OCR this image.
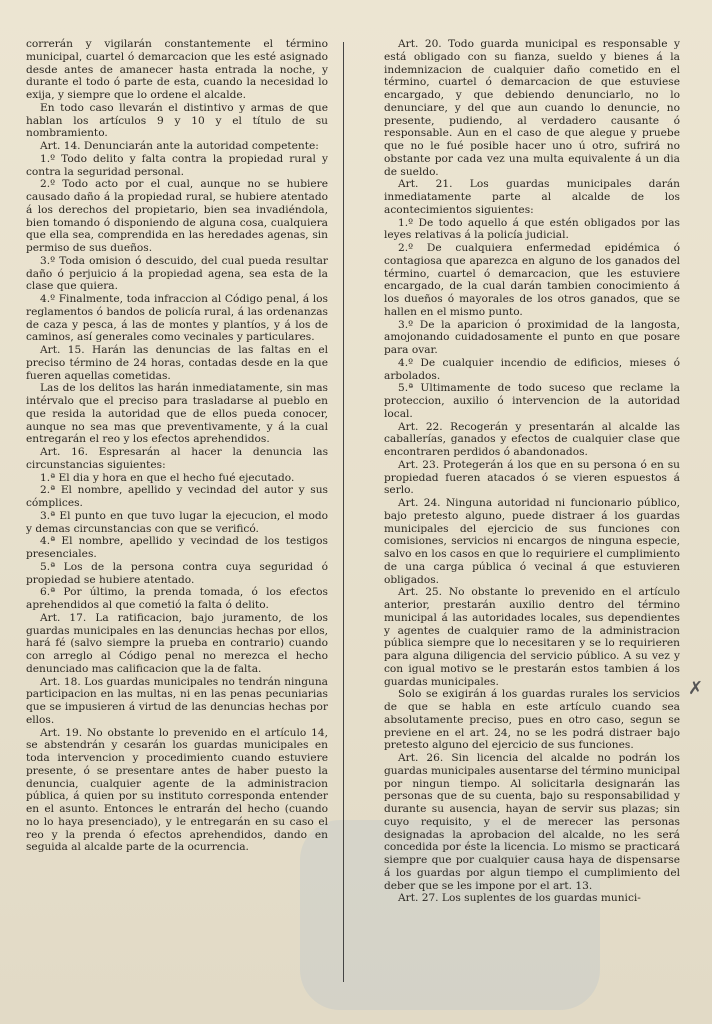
correrán y vigilarán constantemente el término municipal, cuartel ó demarcacion que les esté asignado desde antes de amanecer hasta entrada la noche, y durante el todo ó parte de esta, cuando la necesidad lo exija, y siempre que lo ordene el alcalde.

En todo caso llevarán el distintivo y armas de que hablan los artículos 9 y 10 y el título de su nombramiento.

Art. 14. Denunciarán ante la autoridad competente:

1.º Todo delito y falta contra la propiedad rural y contra la seguridad personal.

2.º Todo acto por el cual, aunque no se hubiere causado daño á la propiedad rural, se hubiere atentado á los derechos del propietario, bien sea invadiéndola, bien tomando ó disponiendo de alguna cosa, cualquiera que ella sea, comprendida en las heredades agenas, sin permiso de sus dueños.

3.º Toda omision ó descuido, del cual pueda resultar daño ó perjuicio á la propiedad agena, sea esta de la clase que quiera.

4.º Finalmente, toda infraccion al Código penal, á los reglamentos ó bandos de policía rural, á las ordenanzas de caza y pesca, á las de montes y plantíos, y á los de caminos, así generales como vecinales y particulares.

Art. 15. Harán las denuncias de las faltas en el preciso término de 24 horas, contadas desde en la que fueren aquellas cometidas.

Las de los delitos las harán inmediatamente, sin mas intérvalo que el preciso para trasladarse al pueblo en que resida la autoridad que de ellos pueda conocer, aunque no sea mas que preventivamente, y á la cual entregarán el reo y los efectos aprehendidos.

Art. 16. Espresarán al hacer la denuncia las circunstancias siguientes:

1.ª El dia y hora en que el hecho fué ejecutado.

2.ª El nombre, apellido y vecindad del autor y sus cómplices.

3.ª El punto en que tuvo lugar la ejecucion, el modo y demas circunstancias con que se verificó.

4.ª El nombre, apellido y vecindad de los testigos presenciales.

5.ª Los de la persona contra cuya seguridad ó propiedad se hubiere atentado.

6.ª Por último, la prenda tomada, ó los efectos aprehendidos al que cometió la falta ó delito.

Art. 17. La ratificacion, bajo juramento, de los guardas municipales en las denuncias hechas por ellos, hará fé (salvo siempre la prueba en contrario) cuando con arreglo al Código penal no merezca el hecho denunciado mas calificacion que la de falta.

Art. 18. Los guardas municipales no tendrán ninguna participacion en las multas, ni en las penas pecuniarias que se impusieren á virtud de las denuncias hechas por ellos.

Art. 19. No obstante lo prevenido en el artículo 14, se abstendrán y cesarán los guardas municipales en toda intervencion y procedimiento cuando estuviere presente, ó se presentare antes de haber puesto la denuncia, cualquier agente de la administracion pública, á quien por su instituto corresponda entender en el asunto. Entonces le entrarán del hecho (cuando no lo haya presenciado), y le entregarán en su caso el reo y la prenda ó efectos aprehendidos, dando en seguida al alcalde parte de la ocurrencia.

Art. 20. Todo guarda municipal es responsable y está obligado con su fianza, sueldo y bienes á la indemnizacion de cualquier daño cometido en el término, cuartel ó demarcacion de que estuviese encargado, y que debiendo denunciarlo, no lo denunciare, y del que aun cuando lo denuncie, no presente, pudiendo, al verdadero causante ó responsable. Aun en el caso de que alegue y pruebe que no le fué posible hacer uno ú otro, sufrirá no obstante por cada vez una multa equivalente á un dia de sueldo.

Art. 21. Los guardas municipales darán inmediatamente parte al alcalde de los acontecimientos siguientes:

1.º De todo aquello á que estén obligados por las leyes relativas á la policía judicial.

2.º De cualquiera enfermedad epidémica ó contagiosa que aparezca en alguno de los ganados del término, cuartel ó demarcacion, que les estuviere encargado, de la cual darán tambien conocimiento á los dueños ó mayorales de los otros ganados, que se hallen en el mismo punto.

3.º De la aparicion ó proximidad de la langosta, amojonando cuidadosamente el punto en que posare para ovar.

4.º De cualquier incendio de edificios, mieses ó arbolados.

5.ª Ultimamente de todo suceso que reclame la proteccion, auxilio ó intervencion de la autoridad local.

Art. 22. Recogerán y presentarán al alcalde las caballerías, ganados y efectos de cualquier clase que encontraren perdidos ó abandonados.

Art. 23. Protegerán á los que en su persona ó en su propiedad fueren atacados ó se vieren espuestos á serlo.

Art. 24. Ninguna autoridad ni funcionario público, bajo pretesto alguno, puede distraer á los guardas municipales del ejercicio de sus funciones con comisiones, servicios ni encargos de ninguna especie, salvo en los casos en que lo requiriere el cumplimiento de una carga pública ó vecinal á que estuvieren obligados.

Art. 25. No obstante lo prevenido en el artículo anterior, prestarán auxilio dentro del término municipal á las autoridades locales, sus dependientes y agentes de cualquier ramo de la administracion pública siempre que lo necesitaren y se lo requirieren para alguna diligencia del servicio público. A su vez y con igual motivo se le prestarán estos tambien á los guardas municipales.

Solo se exigirán á los guardas rurales los servicios de que se habla en este artículo cuando sea absolutamente preciso, pues en otro caso, segun se previene en el art. 24, no se les podrá distraer bajo pretesto alguno del ejercicio de sus funciones.

Art. 26. Sin licencia del alcalde no podrán los guardas municipales ausentarse del término municipal por ningun tiempo. Al solicitarla designarán las personas que de su cuenta, bajo su responsabilidad y durante su ausencia, hayan de servir sus plazas; sin cuyo requisito, y el de merecer las personas designadas la aprobacion del alcalde, no les será concedida por éste la licencia. Lo mismo se practicará siempre que por cualquier causa haya de dispensarse á los guardas por algun tiempo el cumplimiento del deber que se les impone por el art. 13.

Art. 27. Los suplentes de los guardas munici-

✗
